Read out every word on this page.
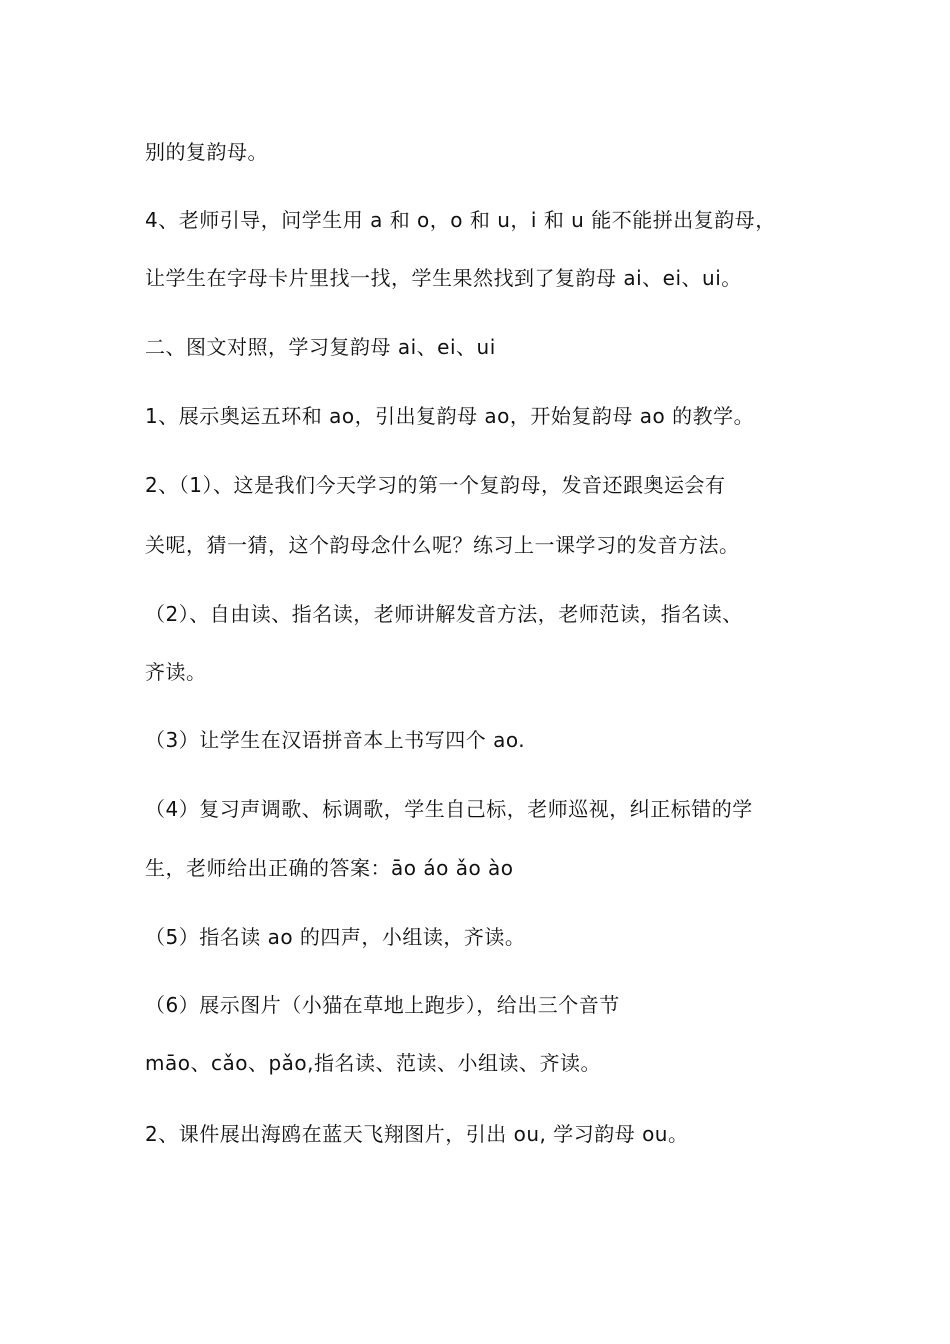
别的复韵母。
4、老师引导，问学生用 a 和 o，o 和 u，i 和 u 能不能拼出复韵母，
让学生在字母卡片里找一找，学生果然找到了复韵母 ai、ei、ui。
二、图文对照，学习复韵母 ai、ei、ui
1、展示奥运五环和 ao，引出复韵母 ao，开始复韵母 ao 的教学。
2、（1）、这是我们今天学习的第一个复韵母，发音还跟奥运会有
关呢，猜一猜，这个韵母念什么呢？练习上一课学习的发音方法。
（2）、自由读、指名读，老师讲解发音方法，老师范读，指名读、
齐读。
（3）让学生在汉语拼音本上书写四个 ao.
（4）复习声调歌、标调歌，学生自己标，老师巡视，纠正标错的学
生，老师给出正确的答案：āo áo ǎo ào
（5）指名读 ao 的四声，小组读，齐读。
（6）展示图片（小猫在草地上跑步），给出三个音节
māo、cǎo、pǎo,指名读、范读、小组读、齐读。
2、课件展出海鸥在蓝天飞翔图片，引出 ou, 学习韵母 ou。
